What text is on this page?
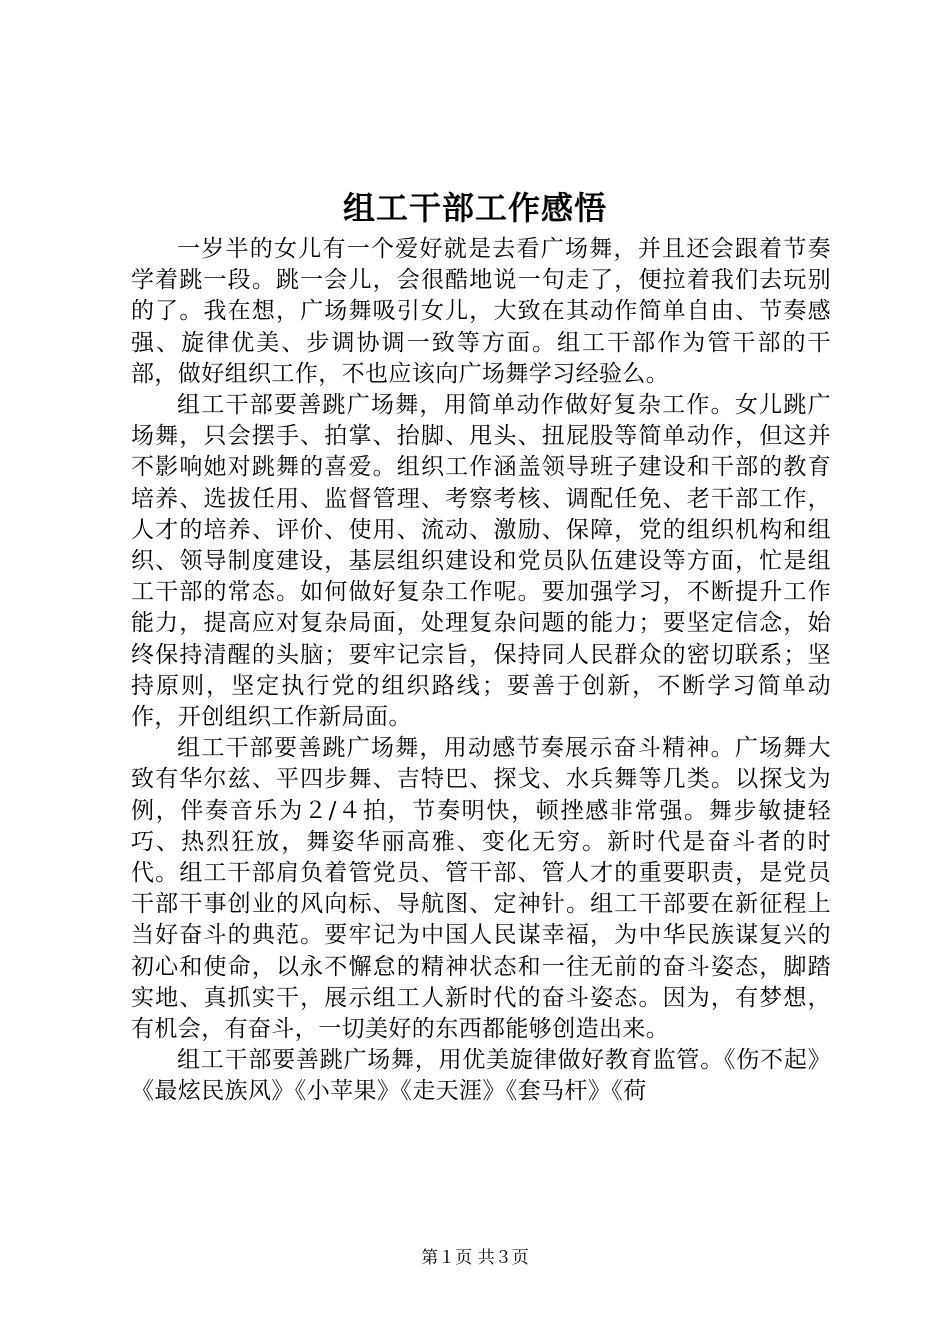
组工干部工作感悟

一岁半的女儿有一个爱好就是去看广场舞，并且还会跟着节奏学着跳一段。跳一会儿，会很酷地说一句走了，便拉着我们去玩别的了。我在想，广场舞吸引女儿，大致在其动作简单自由、节奏感强、旋律优美、步调协调一致等方面。组工干部作为管干部的干部，做好组织工作，不也应该向广场舞学习经验么。

组工干部要善跳广场舞，用简单动作做好复杂工作。女儿跳广场舞，只会摆手、拍掌、抬脚、甩头、扭屁股等简单动作，但这并不影响她对跳舞的喜爱。组织工作涵盖领导班子建设和干部的教育培养、选拔任用、监督管理、考察考核、调配任免、老干部工作，人才的培养、评价、使用、流动、激励、保障，党的组织机构和组织、领导制度建设，基层组织建设和党员队伍建设等方面，忙是组工干部的常态。如何做好复杂工作呢。要加强学习，不断提升工作能力，提高应对复杂局面，处理复杂问题的能力；要坚定信念，始终保持清醒的头脑；要牢记宗旨，保持同人民群众的密切联系；坚持原则，坚定执行党的组织路线；要善于创新，不断学习简单动作，开创组织工作新局面。

组工干部要善跳广场舞，用动感节奏展示奋斗精神。广场舞大致有华尔兹、平四步舞、吉特巴、探戈、水兵舞等几类。以探戈为例，伴奏音乐为２/４拍，节奏明快，顿挫感非常强。舞步敏捷轻巧、热烈狂放，舞姿华丽高雅、变化无穷。新时代是奋斗者的时代。组工干部肩负着管党员、管干部、管人才的重要职责，是党员干部干事创业的风向标、导航图、定神针。组工干部要在新征程上当好奋斗的典范。要牢记为中国人民谋幸福，为中华民族谋复兴的初心和使命，以永不懈怠的精神状态和一往无前的奋斗姿态，脚踏实地、真抓实干，展示组工人新时代的奋斗姿态。因为，有梦想，有机会，有奋斗，一切美好的东西都能够创造出来。

组工干部要善跳广场舞，用优美旋律做好教育监管。《伤不起》《最炫民族风》《小苹果》《走天涯》《套马杆》《荷

第１页 共３页
